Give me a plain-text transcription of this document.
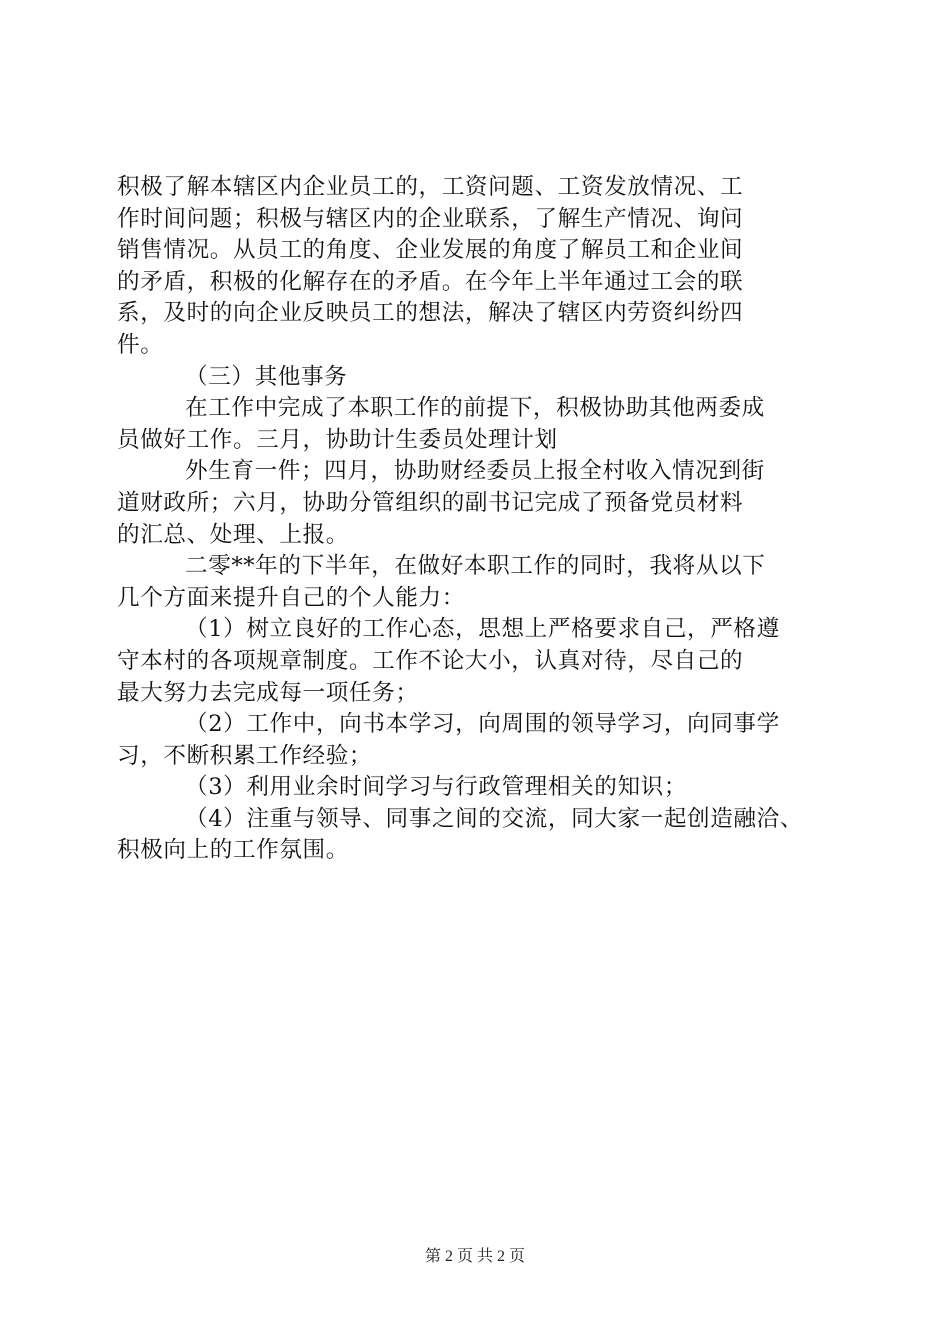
积极了解本辖区内企业员工的，工资问题、工资发放情况、工
作时间问题；积极与辖区内的企业联系，了解生产情况、询问
销售情况。从员工的角度、企业发展的角度了解员工和企业间
的矛盾，积极的化解存在的矛盾。在今年上半年通过工会的联
系，及时的向企业反映员工的想法，解决了辖区内劳资纠纷四
件。
（三）其他事务
在工作中完成了本职工作的前提下，积极协助其他两委成
员做好工作。三月，协助计生委员处理计划
外生育一件；四月，协助财经委员上报全村收入情况到街
道财政所；六月，协助分管组织的副书记完成了预备党员材料
的汇总、处理、上报。
二零**年的下半年，在做好本职工作的同时，我将从以下
几个方面来提升自己的个人能力：
（1）树立良好的工作心态，思想上严格要求自己，严格遵
守本村的各项规章制度。工作不论大小，认真对待，尽自己的
最大努力去完成每一项任务；
（2）工作中，向书本学习，向周围的领导学习，向同事学
习，不断积累工作经验；
（3）利用业余时间学习与行政管理相关的知识；
（4）注重与领导、同事之间的交流，同大家一起创造融洽、
积极向上的工作氛围。
第 2 页 共 2 页
